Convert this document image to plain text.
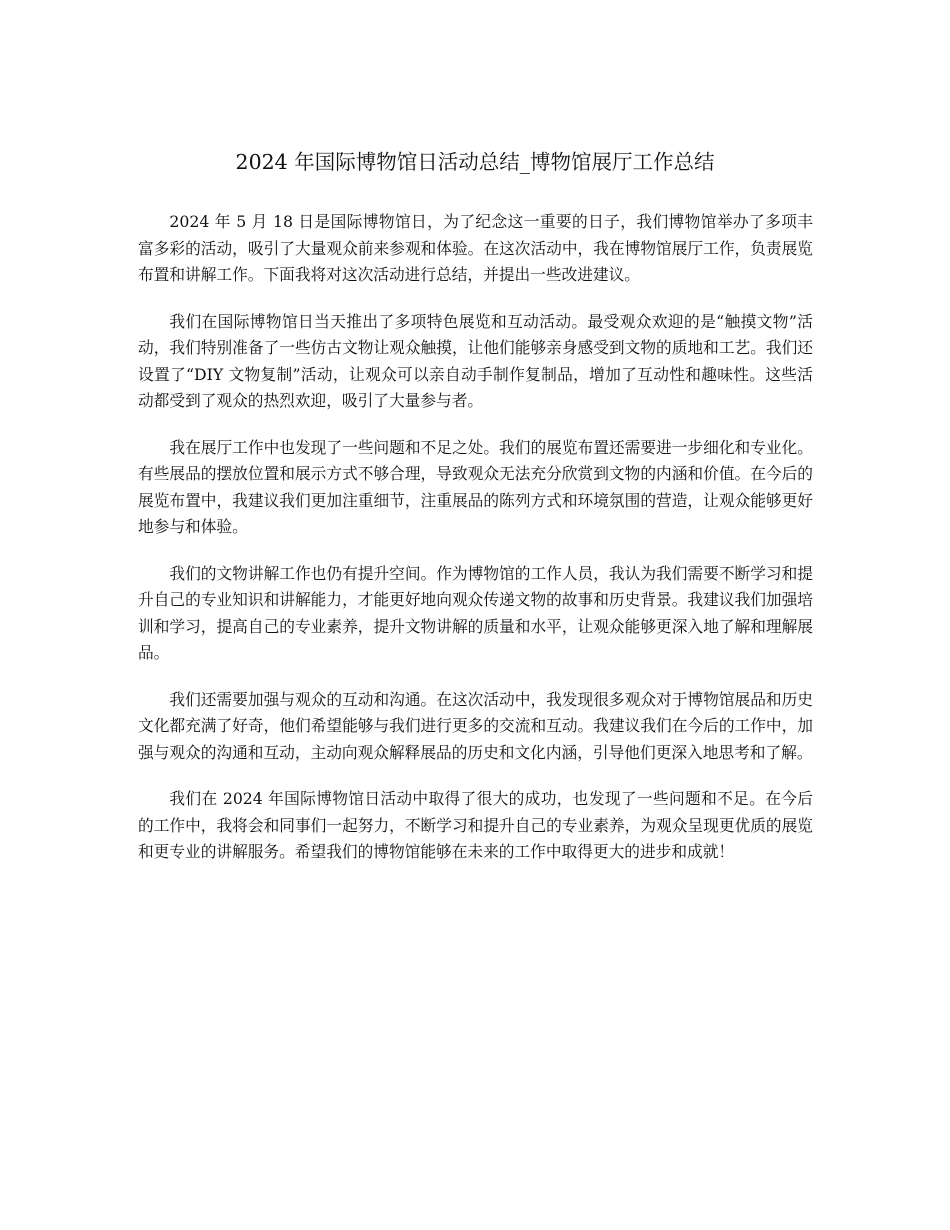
2024 年国际博物馆日活动总结_博物馆展厅工作总结

2024 年 5 月 18 日是国际博物馆日，为了纪念这一重要的日子，我们博物馆举办了多项丰富多彩的活动，吸引了大量观众前来参观和体验。在这次活动中，我在博物馆展厅工作，负责展览布置和讲解工作。下面我将对这次活动进行总结，并提出一些改进建议。

我们在国际博物馆日当天推出了多项特色展览和互动活动。最受观众欢迎的是“触摸文物”活动，我们特别准备了一些仿古文物让观众触摸，让他们能够亲身感受到文物的质地和工艺。我们还设置了“DIY 文物复制”活动，让观众可以亲自动手制作复制品，增加了互动性和趣味性。这些活动都受到了观众的热烈欢迎，吸引了大量参与者。

我在展厅工作中也发现了一些问题和不足之处。我们的展览布置还需要进一步细化和专业化。有些展品的摆放位置和展示方式不够合理，导致观众无法充分欣赏到文物的内涵和价值。在今后的展览布置中，我建议我们更加注重细节，注重展品的陈列方式和环境氛围的营造，让观众能够更好地参与和体验。

我们的文物讲解工作也仍有提升空间。作为博物馆的工作人员，我认为我们需要不断学习和提升自己的专业知识和讲解能力，才能更好地向观众传递文物的故事和历史背景。我建议我们加强培训和学习，提高自己的专业素养，提升文物讲解的质量和水平，让观众能够更深入地了解和理解展品。

我们还需要加强与观众的互动和沟通。在这次活动中，我发现很多观众对于博物馆展品和历史文化都充满了好奇，他们希望能够与我们进行更多的交流和互动。我建议我们在今后的工作中，加强与观众的沟通和互动，主动向观众解释展品的历史和文化内涵，引导他们更深入地思考和了解。

我们在 2024 年国际博物馆日活动中取得了很大的成功，也发现了一些问题和不足。在今后的工作中，我将会和同事们一起努力，不断学习和提升自己的专业素养，为观众呈现更优质的展览和更专业的讲解服务。希望我们的博物馆能够在未来的工作中取得更大的进步和成就！
